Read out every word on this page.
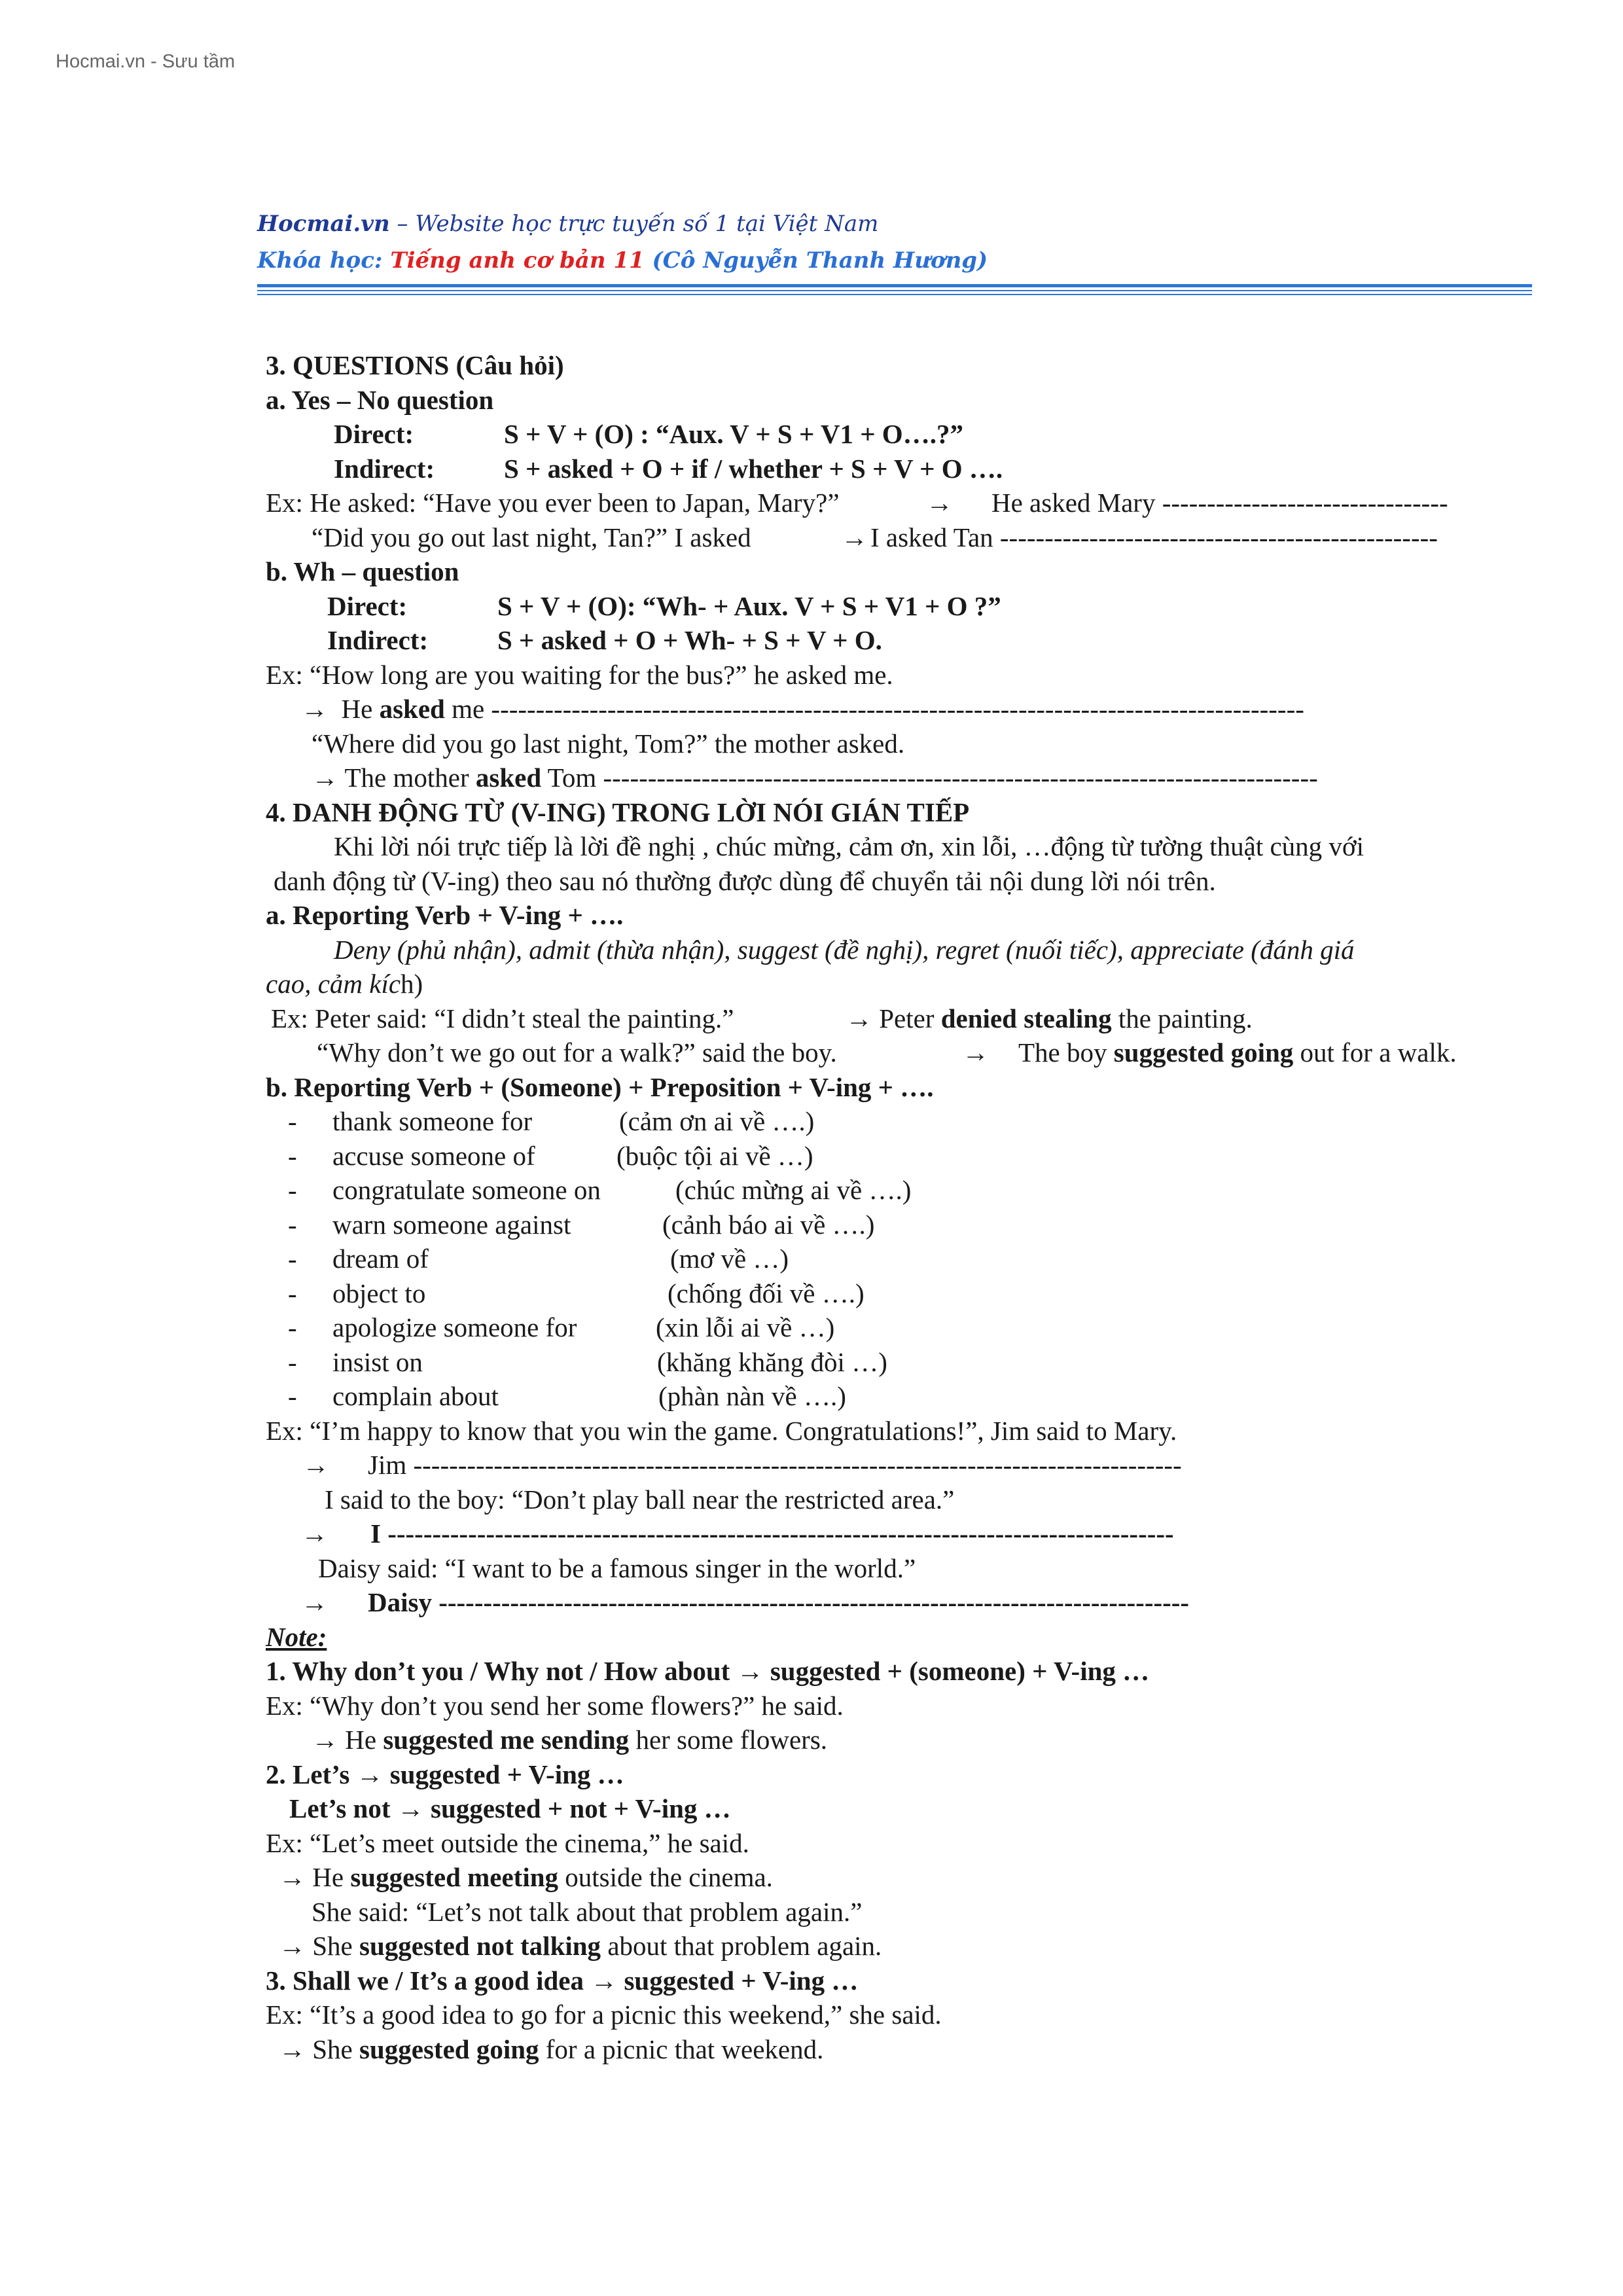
Hocmai.vn - Sưu tầm
Hocmai.vn – Website học trực tuyến số 1 tại Việt Nam
Khóa học: Tiếng anh cơ bản 11 (Cô Nguyễn Thanh Hương)
3. QUESTIONS (Câu hỏi)
a. Yes – No question
Direct:	S + V + (O) : “Aux. V + S + V1 + O….?”
Indirect:	S + asked + O + if / whether + S + V + O ….
Ex: He asked: “Have you ever been to Japan, Mary?”	→ He asked Mary --------------------------------
“Did you go out last night, Tan?” I asked	→ I asked Tan -------------------------------------------------
b. Wh – question
Direct:	S + V + (O): “Wh- + Aux. V + S + V1 + O ?”
Indirect:	S + asked + O + Wh- + S + V + O.
Ex: “How long are you waiting for the bus?” he asked me.
→ He asked me -------------------------------------------------------------------------------------------
“Where did you go last night, Tom?” the mother asked.
→ The mother asked Tom --------------------------------------------------------------------------------
4. DANH ĐỘNG TỪ (V-ING) TRONG LỜI NÓI GIÁN TIẾP
Khi lời nói trực tiếp là lời đề nghị , chúc mừng, cảm ơn, xin lỗi, …động từ tường thuật cùng với
danh động từ (V-ing) theo sau nó thường được dùng để chuyển tải nội dung lời nói trên.
a. Reporting Verb + V-ing + ….
Deny (phủ nhận), admit (thừa nhận), suggest (đề nghị), regret (nuối tiếc), appreciate (đánh giá
cao, cảm kích)
Ex: Peter said: “I didn’t steal the painting.”	→ Peter denied stealing the painting.
“Why don’t we go out for a walk?” said the boy.	→ The boy suggested going out for a walk.
b. Reporting Verb + (Someone) + Preposition + V-ing + ….
- thank someone for	(cảm ơn ai về ….)
- accuse someone of	(buộc tội ai về …)
- congratulate someone on	(chúc mừng ai về ….)
- warn someone against	(cảnh báo ai về ….)
- dream of	(mơ về …)
- object to	(chống đối về ….)
- apologize someone for	(xin lỗi ai về …)
- insist on	(khăng khăng đòi …)
- complain about	(phàn nàn về ….)
Ex: “I’m happy to know that you win the game. Congratulations!”, Jim said to Mary.
→ Jim --------------------------------------------------------------------------------------
I said to the boy: “Don’t play ball near the restricted area.”
→ I ----------------------------------------------------------------------------------------
Daisy said: “I want to be a famous singer in the world.”
→ Daisy ------------------------------------------------------------------------------------
Note:
1. Why don’t you / Why not / How about → suggested + (someone) + V-ing …
Ex: “Why don’t you send her some flowers?” he said.
→ He suggested me sending her some flowers.
2. Let’s → suggested + V-ing …
Let’s not → suggested + not + V-ing …
Ex: “Let’s meet outside the cinema,” he said.
→ He suggested meeting outside the cinema.
She said: “Let’s not talk about that problem again.”
→ She suggested not talking about that problem again.
3. Shall we / It’s a good idea → suggested + V-ing …
Ex: “It’s a good idea to go for a picnic this weekend,” she said.
→ She suggested going for a picnic that weekend.
